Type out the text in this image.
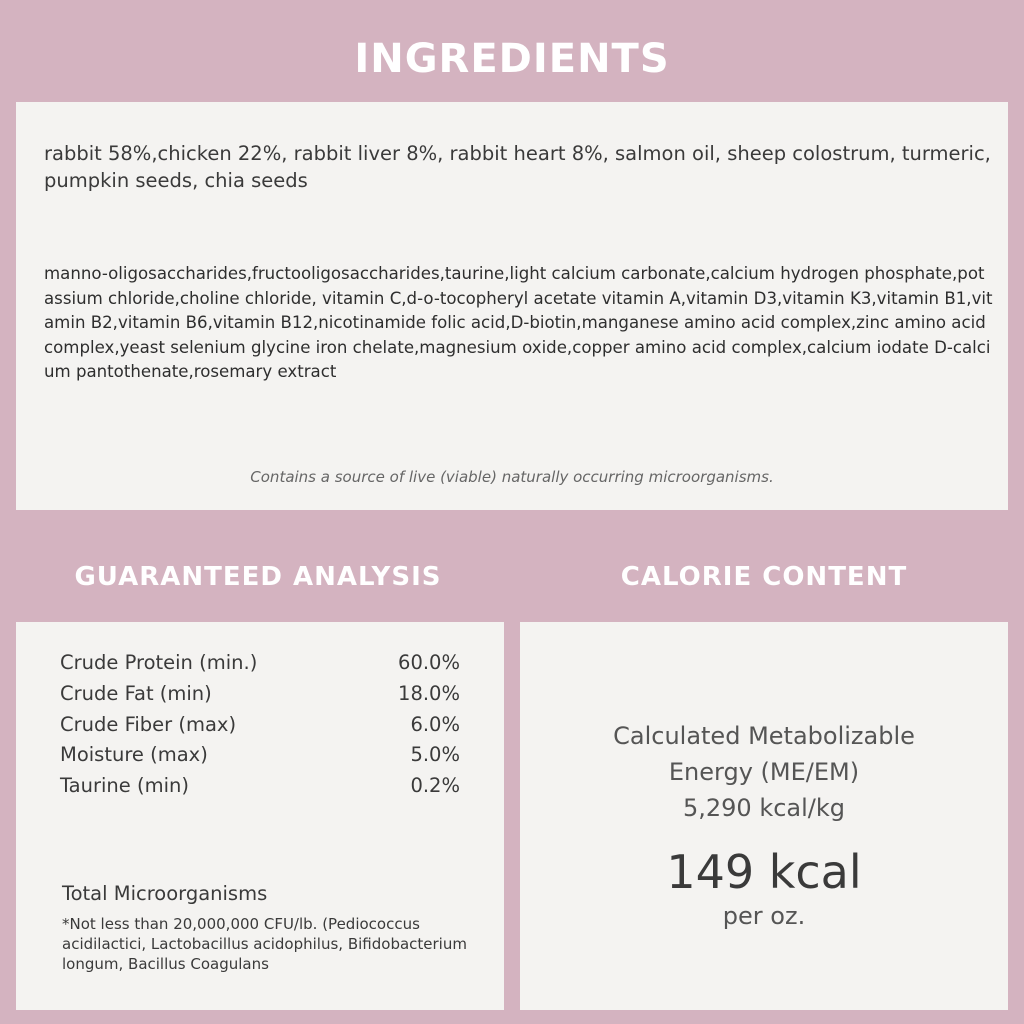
INGREDIENTS

rabbit 58%,chicken 22%, rabbit liver 8%, rabbit heart 8%, salmon oil, sheep colostrum, turmeric, pumpkin seeds, chia seeds

manno-oligosaccharides,fructooligosaccharides,taurine,light calcium carbonate,calcium hydrogen phosphate,potassium chloride,choline chloride, vitamin C,d-o-tocopheryl acetate vitamin A,vitamin D3,vitamin K3,vitamin B1,vitamin B2,vitamin B6,vitamin B12,nicotinamide folic acid,D-biotin,manganese amino acid complex,zinc amino acid complex,yeast selenium glycine iron chelate,magnesium oxide,copper amino acid complex,calcium iodate D-calcium pantothenate,rosemary extract

Contains a source of live (viable) naturally occurring microorganisms.

GUARANTEED ANALYSIS	CALORIE CONTENT
Crude Protein (min.)	60.0%
Crude Fat (min)	18.0%
Crude Fiber (max)	6.0%
Moisture (max)	5.0%
Taurine (min)	0.2%

Total Microorganisms

*Not less than 20,000,000 CFU/lb. (Pediococcus acidilactici, Lactobacillus acidophilus, Bifidobacterium longum, Bacillus Coagulans

Calculated Metabolizable
Energy (ME/EM)
5,290 kcal/kg

149 kcal

per oz.
